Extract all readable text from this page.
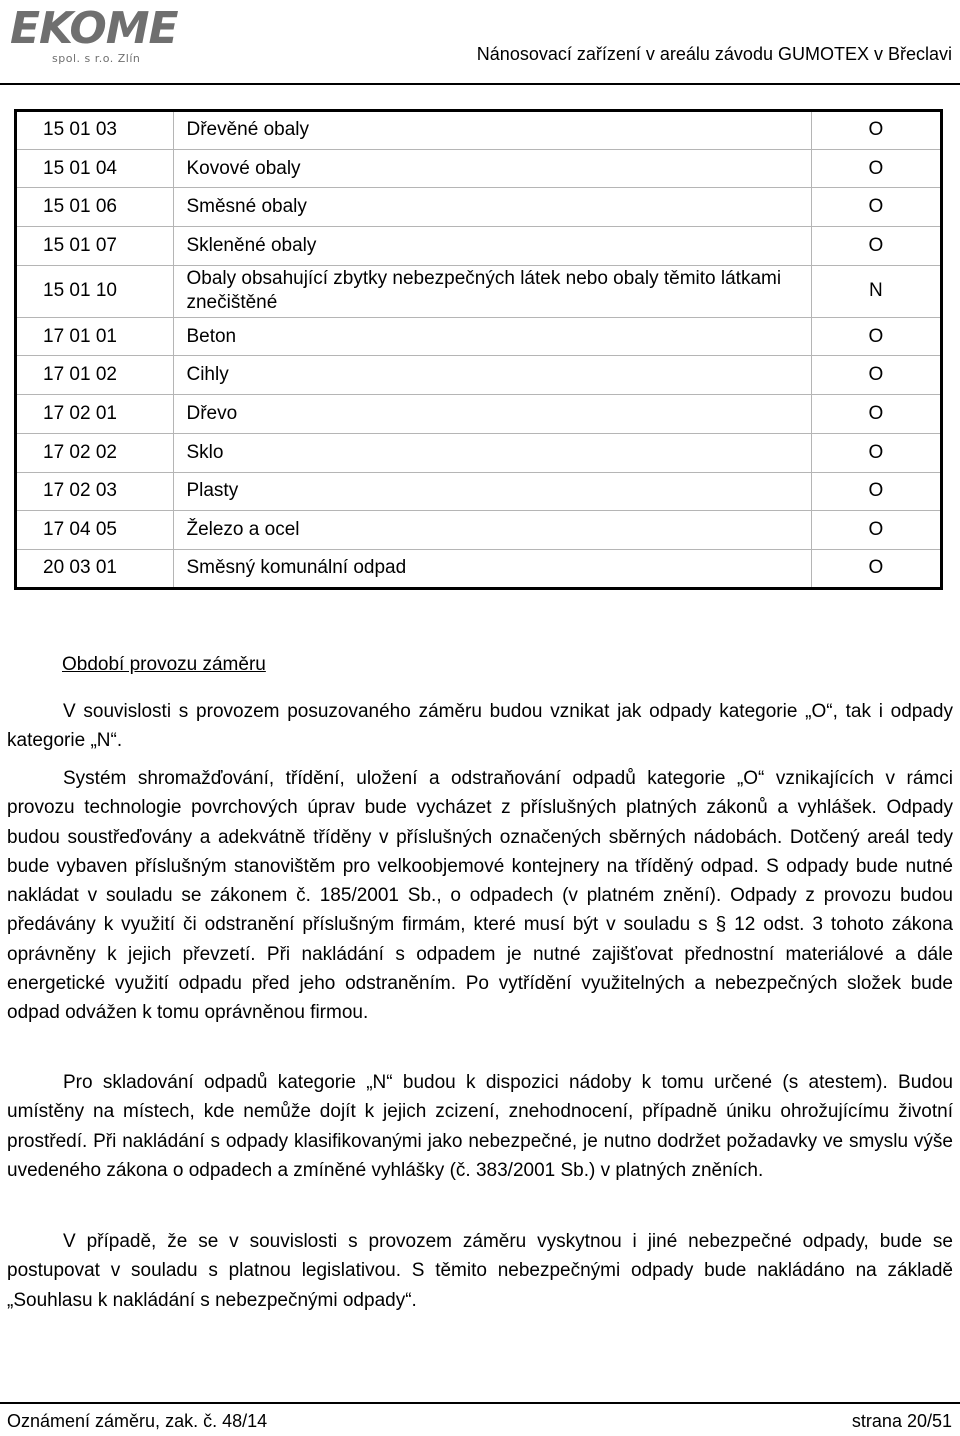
EKOME
spol. s r.o. Zlín	Nánosovací zařízení v areálu závodu GUMOTEX v Břeclavi
15 01 03	Dřevěné obaly	O
15 01 04	Kovové obaly	O
15 01 06	Směsné obaly	O
15 01 07	Skleněné obaly	O
15 01 10	Obaly obsahující zbytky nebezpečných látek nebo obaly těmito látkami znečištěné	N
17 01 01	Beton	O
17 01 02	Cihly	O
17 02 01	Dřevo	O
17 02 02	Sklo	O
17 02 03	Plasty	O
17 04 05	Železo a ocel	O
20 03 01	Směsný komunální odpad	O
Období provozu záměru

V souvislosti s provozem posuzovaného záměru budou vznikat jak odpady kategorie „O“, tak i odpady kategorie „N“.

Systém shromažďování, třídění, uložení a odstraňování odpadů kategorie „O“ vznikajících v rámci provozu technologie povrchových úprav bude vycházet z příslušných platných zákonů a vyhlášek. Odpady budou soustřeďovány a adekvátně tříděny v příslušných označených sběrných nádobách. Dotčený areál tedy bude vybaven příslušným stanovištěm pro velkoobjemové kontejnery na tříděný odpad. S odpady bude nutné nakládat v souladu se zákonem č. 185/2001 Sb., o odpadech (v platném znění). Odpady z provozu budou předávány k využití či odstranění příslušným firmám, které musí být v souladu s § 12 odst. 3 tohoto zákona oprávněny k jejich převzetí. Při nakládání s odpadem je nutné zajišťovat přednostní materiálové a dále energetické využití odpadu před jeho odstraněním. Po vytřídění využitelných a nebezpečných složek bude odpad odvážen k tomu oprávněnou firmou.

Pro skladování odpadů kategorie „N“ budou k dispozici nádoby k tomu určené (s atestem). Budou umístěny na místech, kde nemůže dojít k jejich zcizení, znehodnocení, případně úniku ohrožujícímu životní prostředí. Při nakládání s odpady klasifikovanými jako nebezpečné, je nutno dodržet požadavky ve smyslu výše uvedeného zákona o odpadech a zmíněné vyhlášky (č. 383/2001 Sb.) v platných zněních.

V případě, že se v souvislosti s provozem záměru vyskytnou i jiné nebezpečné odpady, bude se postupovat v souladu s platnou legislativou. S těmito nebezpečnými odpady bude nakládáno na základě „Souhlasu k nakládání s nebezpečnými odpady“.

Oznámení záměru, zak. č. 48/14	strana 20/51
